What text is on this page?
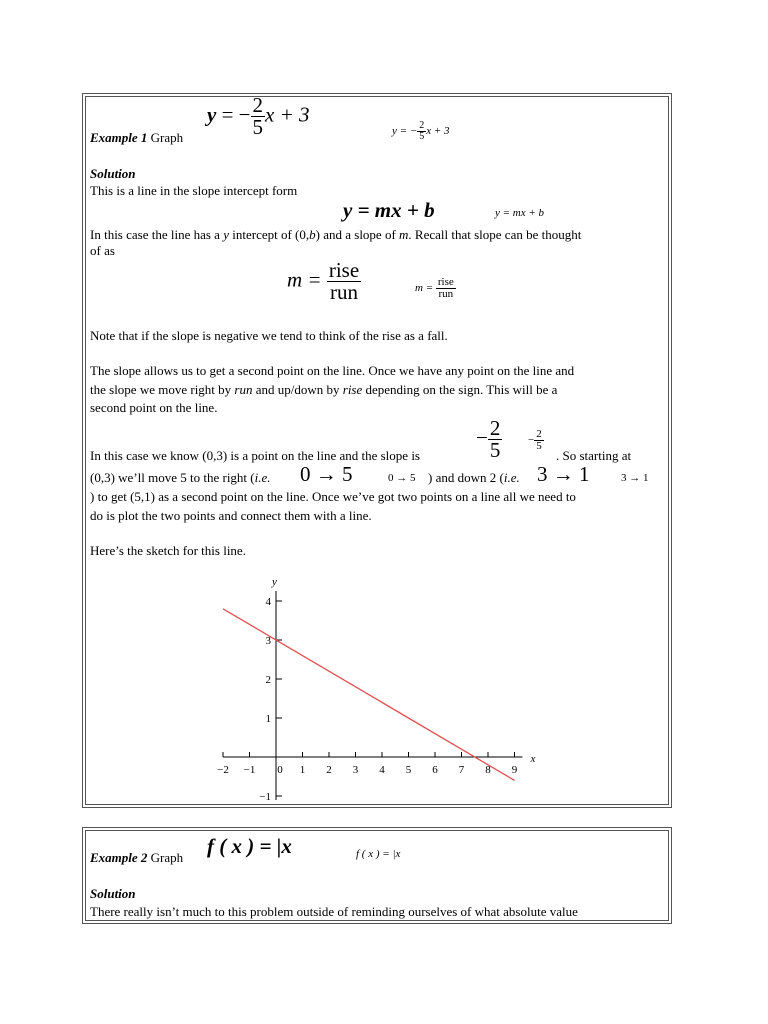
Example 1 Graph
y = − $\frac{2}{5}$ x + 3
y = − $\frac{2}{5}$ x + 3
Solution
This is a line in the slope intercept form
y = mx + b	y = mx + b
In this case the line has a y intercept of (0,b) and a slope of m. Recall that slope can be thought
of as
$m = \frac{\text{rise}}{\text{run}}$	$m = \frac{\text{rise}}{\text{run}}$
Note that if the slope is negative we tend to think of the rise as a fall.
The slope allows us to get a second point on the line. Once we have any point on the line and
the slope we move right by run and up/down by rise depending on the sign. This will be a
second point on the line.
In this case we know (0,3) is a point on the line and the slope is
− $\frac{2}{5} - \frac{2}{5}$
. So starting at
(0,3) we’ll move 5 to the right (i.e. 0 → 5	0 → 5 ) and down 2 (i.e. 3 → 1	3 → 1
) to get (5,1) as a second point on the line. Once we’ve got two points on a line all we need to
do is plot the two points and connect them with a line.
Here’s the sketch for this line.
−2 −1 0 1 2 3 4 5 6 7 8 9
−1
1
2
3
4
x
y
Example 2 Graph f ( x ) = |x	f ( x ) = |x
Solution
There really isn’t much to this problem outside of reminding ourselves of what absolute value
